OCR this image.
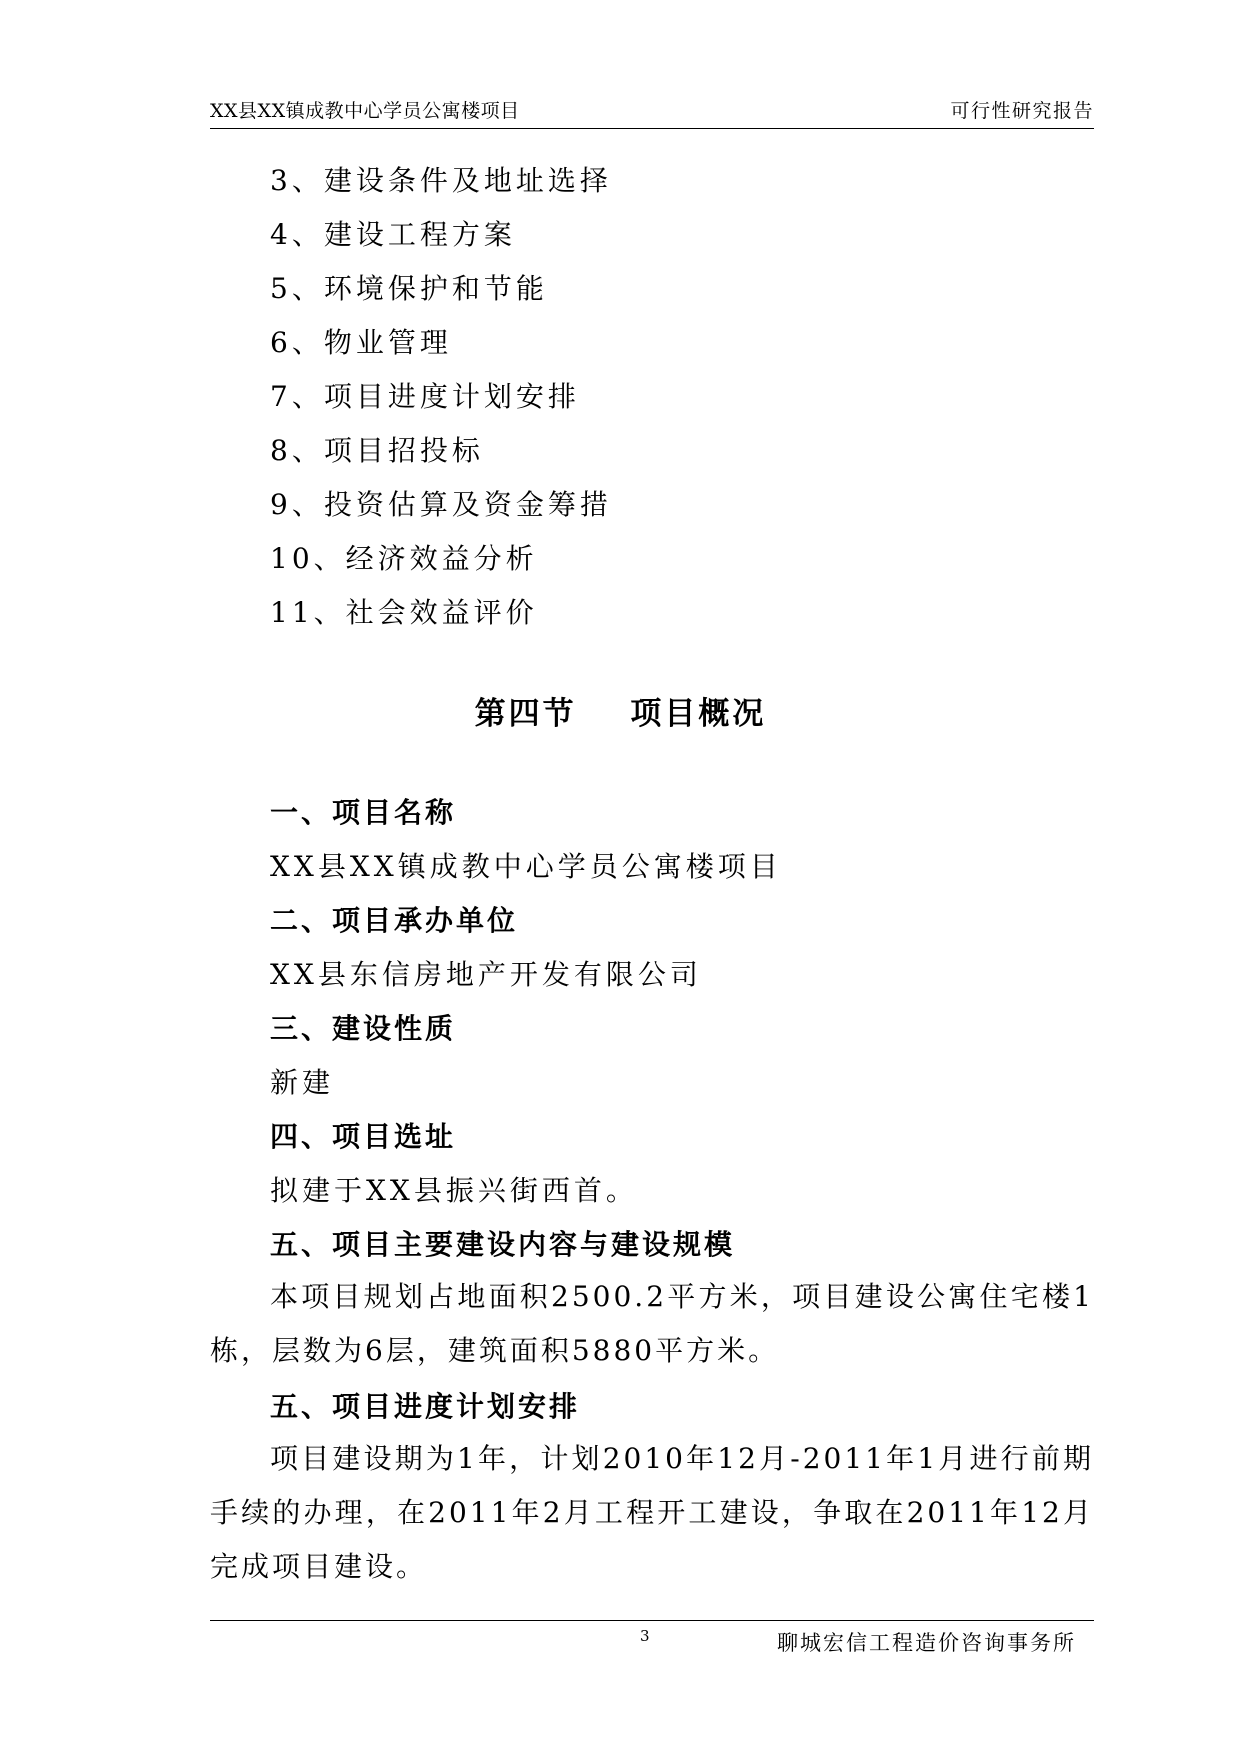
XX县XX镇成教中心学员公寓楼项目	可行性研究报告
3、建设条件及地址选择
4、建设工程方案
5、环境保护和节能
6、物业管理
7、项目进度计划安排
8、项目招投标
9、投资估算及资金筹措
10、经济效益分析
11、社会效益评价
第四节 项目概况
一、项目名称
XX县XX镇成教中心学员公寓楼项目
二、项目承办单位
XX县东信房地产开发有限公司
三、建设性质
新建
四、项目选址
拟建于XX县振兴街西首。
五、项目主要建设内容与建设规模
本项目规划占地面积2500.2平方米，项目建设公寓住宅楼1栋，层数为6层，建筑面积5880平方米。
五、项目进度计划安排
项目建设期为1年，计划2010年12月-2011年1月进行前期手续的办理，在2011年2月工程开工建设，争取在2011年12月完成项目建设。
3	聊城宏信工程造价咨询事务所
